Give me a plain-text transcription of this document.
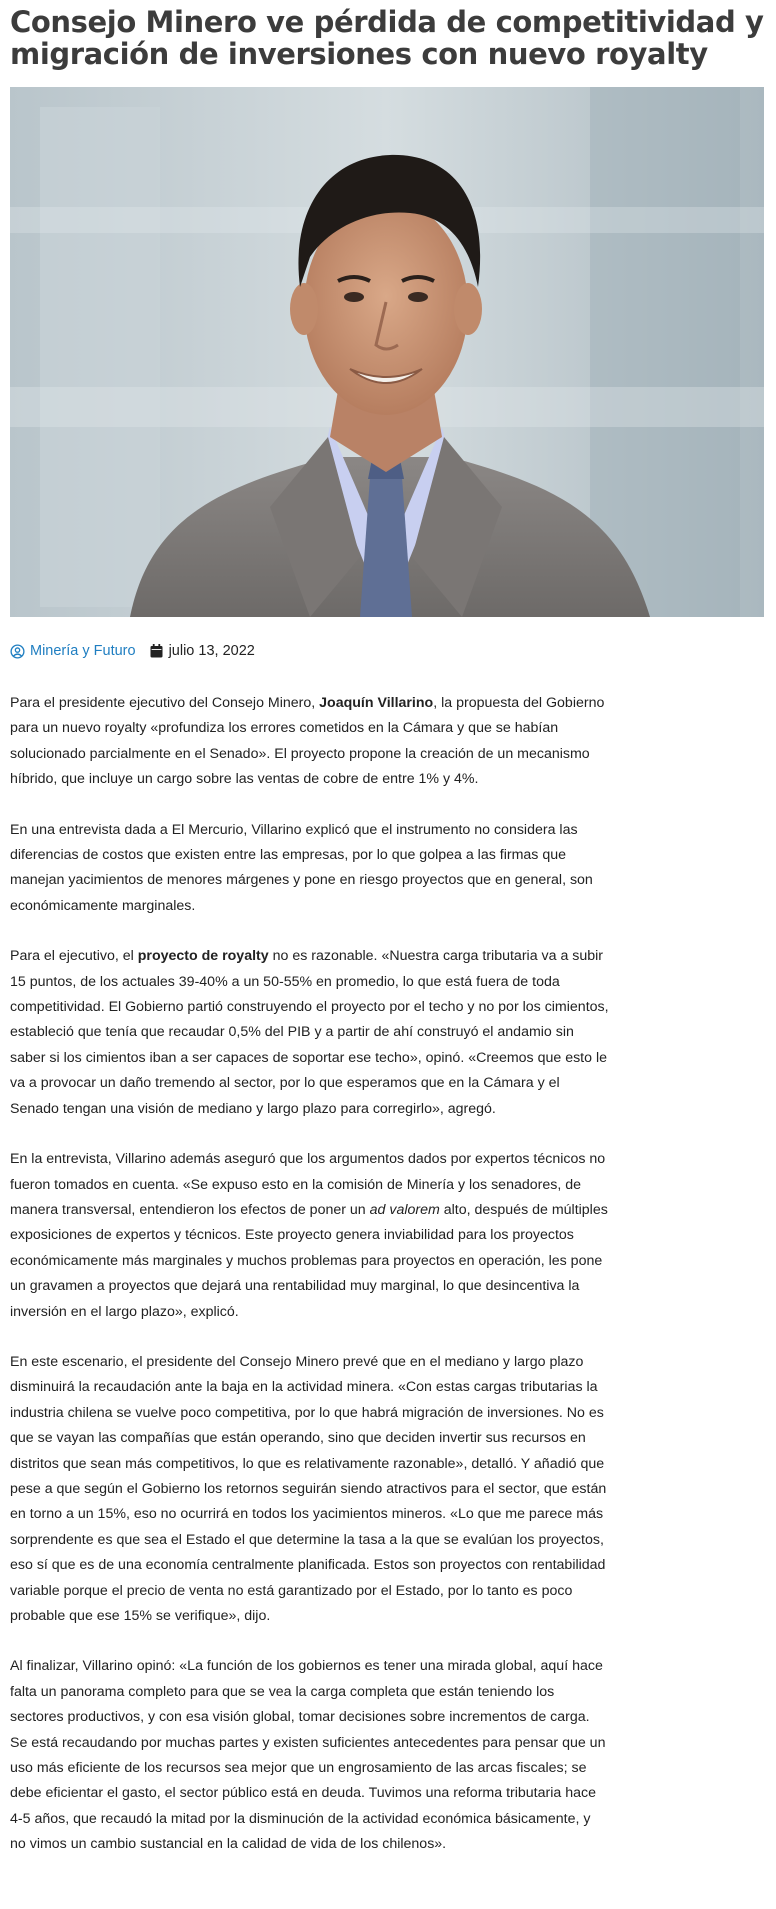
Consejo Minero ve pérdida de competitividad y migración de inversiones con nuevo royalty
Minería y Futuro julio 13, 2022

Para el presidente ejecutivo del Consejo Minero, Joaquín Villarino, la propuesta del Gobierno para un nuevo royalty «profundiza los errores cometidos en la Cámara y que se habían solucionado parcialmente en el Senado». El proyecto propone la creación de un mecanismo híbrido, que incluye un cargo sobre las ventas de cobre de entre 1% y 4%.

En una entrevista dada a El Mercurio, Villarino explicó que el instrumento no considera las diferencias de costos que existen entre las empresas, por lo que golpea a las firmas que manejan yacimientos de menores márgenes y pone en riesgo proyectos que en general, son económicamente marginales.

Para el ejecutivo, el proyecto de royalty no es razonable. «Nuestra carga tributaria va a subir 15 puntos, de los actuales 39-40% a un 50-55% en promedio, lo que está fuera de toda competitividad. El Gobierno partió construyendo el proyecto por el techo y no por los cimientos, estableció que tenía que recaudar 0,5% del PIB y a partir de ahí construyó el andamio sin saber si los cimientos iban a ser capaces de soportar ese techo», opinó. «Creemos que esto le va a provocar un daño tremendo al sector, por lo que esperamos que en la Cámara y el Senado tengan una visión de mediano y largo plazo para corregirlo», agregó.

En la entrevista, Villarino además aseguró que los argumentos dados por expertos técnicos no fueron tomados en cuenta. «Se expuso esto en la comisión de Minería y los senadores, de manera transversal, entendieron los efectos de poner un ad valorem alto, después de múltiples exposiciones de expertos y técnicos. Este proyecto genera inviabilidad para los proyectos económicamente más marginales y muchos problemas para proyectos en operación, les pone un gravamen a proyectos que dejará una rentabilidad muy marginal, lo que desincentiva la inversión en el largo plazo», explicó.

En este escenario, el presidente del Consejo Minero prevé que en el mediano y largo plazo disminuirá la recaudación ante la baja en la actividad minera. «Con estas cargas tributarias la industria chilena se vuelve poco competitiva, por lo que habrá migración de inversiones. No es que se vayan las compañías que están operando, sino que deciden invertir sus recursos en distritos que sean más competitivos, lo que es relativamente razonable», detalló. Y añadió que pese a que según el Gobierno los retornos seguirán siendo atractivos para el sector, que están en torno a un 15%, eso no ocurrirá en todos los yacimientos mineros. «Lo que me parece más sorprendente es que sea el Estado el que determine la tasa a la que se evalúan los proyectos, eso sí que es de una economía centralmente planificada. Estos son proyectos con rentabilidad variable porque el precio de venta no está garantizado por el Estado, por lo tanto es poco probable que ese 15% se verifique», dijo.

Al finalizar, Villarino opinó: «La función de los gobiernos es tener una mirada global, aquí hace falta un panorama completo para que se vea la carga completa que están teniendo los sectores productivos, y con esa visión global, tomar decisiones sobre incrementos de carga. Se está recaudando por muchas partes y existen suficientes antecedentes para pensar que un uso más eficiente de los recursos sea mejor que un engrosamiento de las arcas fiscales; se debe eficientar el gasto, el sector público está en deuda. Tuvimos una reforma tributaria hace 4-5 años, que recaudó la mitad por la disminución de la actividad económica básicamente, y no vimos un cambio sustancial en la calidad de vida de los chilenos».
